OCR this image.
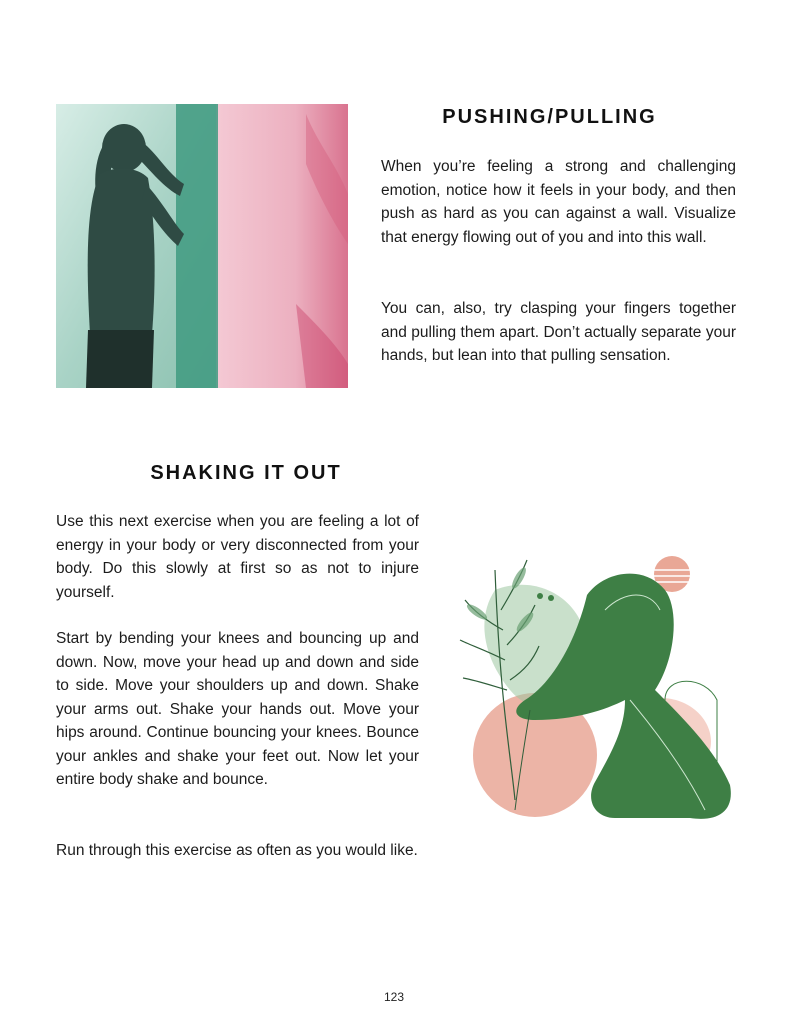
PUSHING/PULLING

When you’re feeling a strong and challenging emotion, notice how it feels in your body, and then push as hard as you can against a wall. Visualize that energy flowing out of you and into this wall.

You can, also, try clasping your fingers together and pulling them apart. Don’t actually separate your hands, but lean into that pulling sensation.

SHAKING IT OUT

Use this next exercise when you are feeling a lot of energy in your body or very disconnected from your body. Do this slowly at first so as not to injure yourself.

Start by bending your knees and bouncing up and down. Now, move your head up and down and side to side. Move your shoulders up and down. Shake your arms out. Shake your hands out. Move your hips around. Continue bouncing your knees. Bounce your ankles and shake your feet out. Now let your entire body shake and bounce.

Run through this exercise as often as you would like.

123
